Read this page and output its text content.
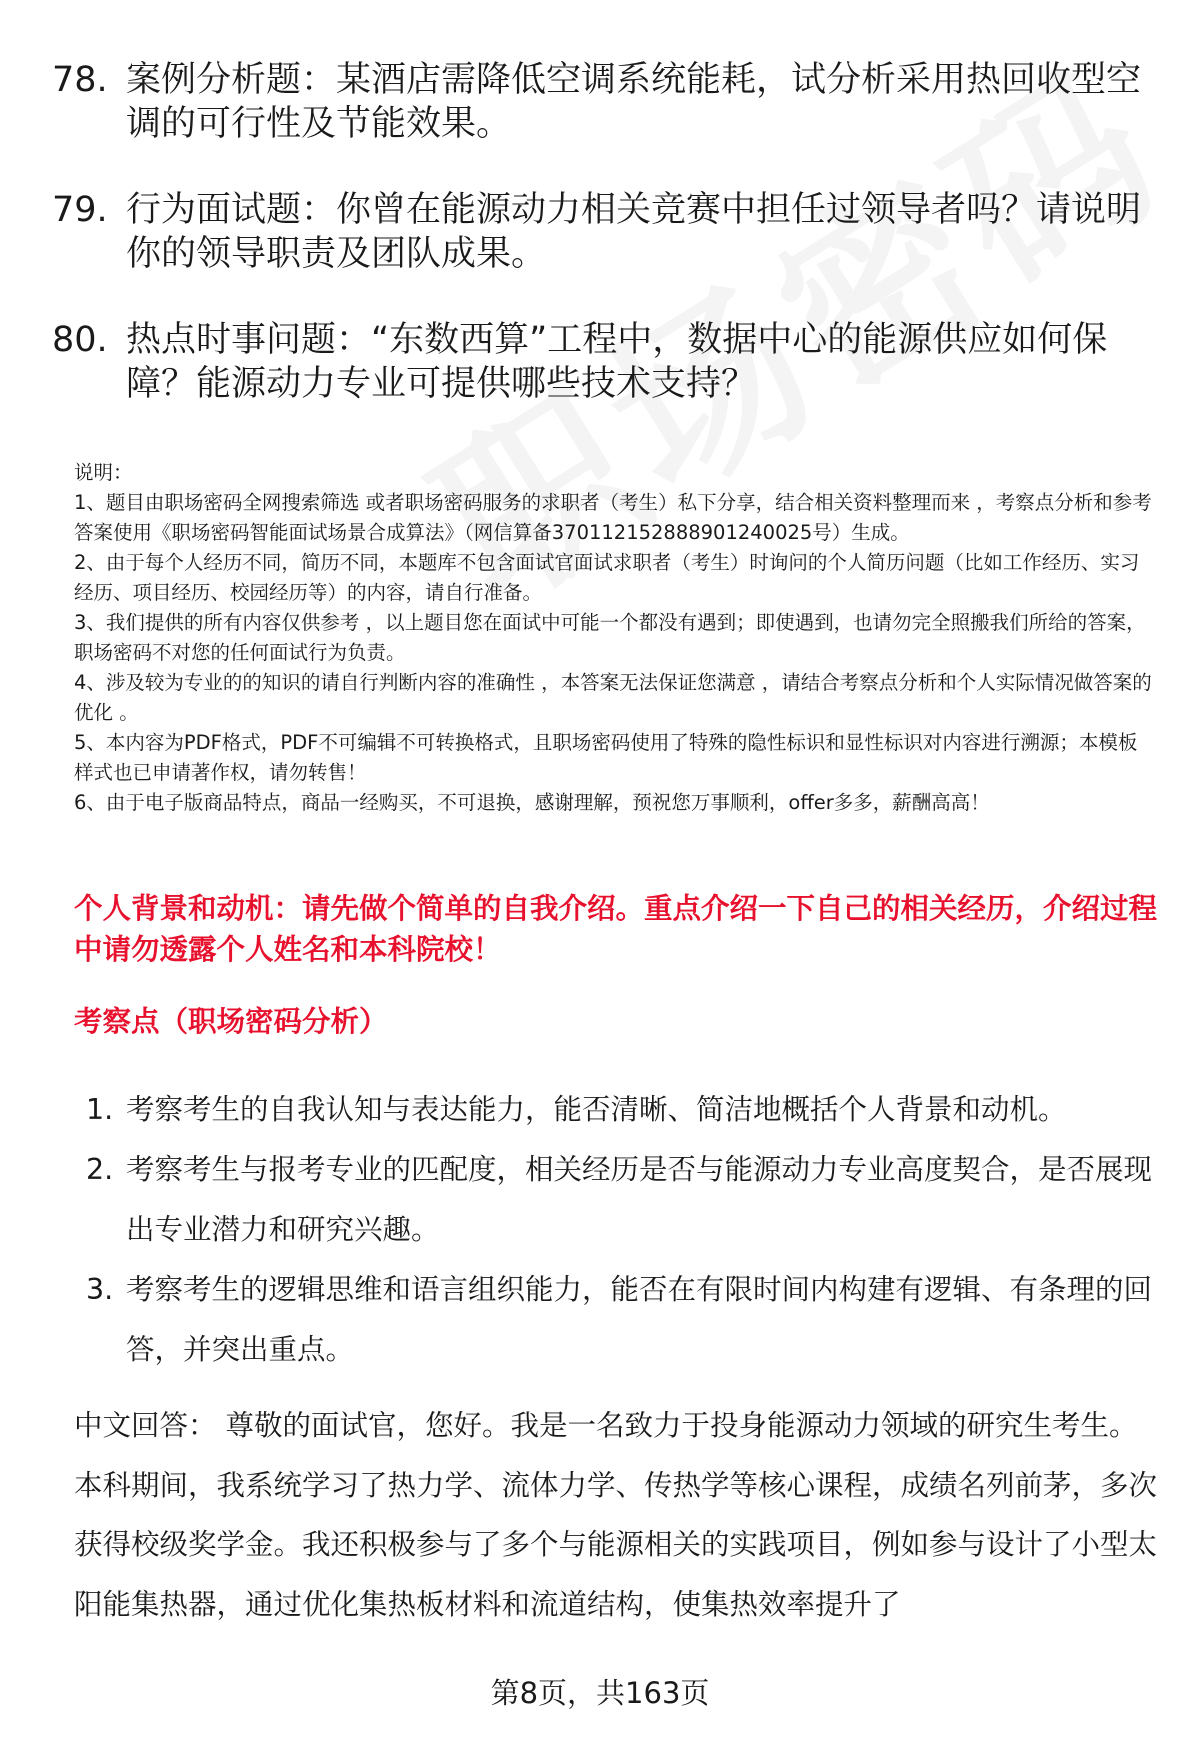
78. 案例分析题：某酒店需降低空调系统能耗，试分析采用热回收型空调的可行性及节能效果。
79. 行为面试题：你曾在能源动力相关竞赛中担任过领导者吗？请说明你的领导职责及团队成果。
80. 热点时事问题：“东数西算”工程中，数据中心的能源供应如何保障？能源动力专业可提供哪些技术支持？
说明：
1、题目由职场密码全网搜索筛选 或者职场密码服务的求职者（考生）私下分享，结合相关资料整理而来 ，考察点分析和参考答案使用《职场密码智能面试场景合成算法》（网信算备370112152888901240025号）生成。
2、由于每个人经历不同，简历不同，本题库不包含面试官面试求职者（考生）时询问的个人简历问题（比如工作经历、实习经历、项目经历、校园经历等）的内容，请自行准备。
3、我们提供的所有内容仅供参考 ，以上题目您在面试中可能一个都没有遇到；即使遇到，也请勿完全照搬我们所给的答案，职场密码不对您的任何面试行为负责。
4、涉及较为专业的的知识的请自行判断内容的准确性 ，本答案无法保证您满意 ，请结合考察点分析和个人实际情况做答案的优化 。
5、本内容为PDF格式，PDF不可编辑不可转换格式，且职场密码使用了特殊的隐性标识和显性标识对内容进行溯源；本模板样式也已申请著作权，请勿转售！
6、由于电子版商品特点，商品一经购买，不可退换，感谢理解，预祝您万事顺利，offer多多，薪酬高高！
个人背景和动机：请先做个简单的自我介绍。重点介绍一下自己的相关经历，介绍过程中请勿透露个人姓名和本科院校！
考察点（职场密码分析）
1. 考察考生的自我认知与表达能力，能否清晰、简洁地概括个人背景和动机。
2. 考察考生与报考专业的匹配度，相关经历是否与能源动力专业高度契合，是否展现出专业潜力和研究兴趣。
3. 考察考生的逻辑思维和语言组织能力，能否在有限时间内构建有逻辑、有条理的回答，并突出重点。
中文回答： 尊敬的面试官，您好。我是一名致力于投身能源动力领域的研究生考生。本科期间，我系统学习了热力学、流体力学、传热学等核心课程，成绩名列前茅，多次获得校级奖学金。我还积极参与了多个与能源相关的实践项目，例如参与设计了小型太阳能集热器，通过优化集热板材料和流道结构，使集热效率提升了
第8页，共163页
